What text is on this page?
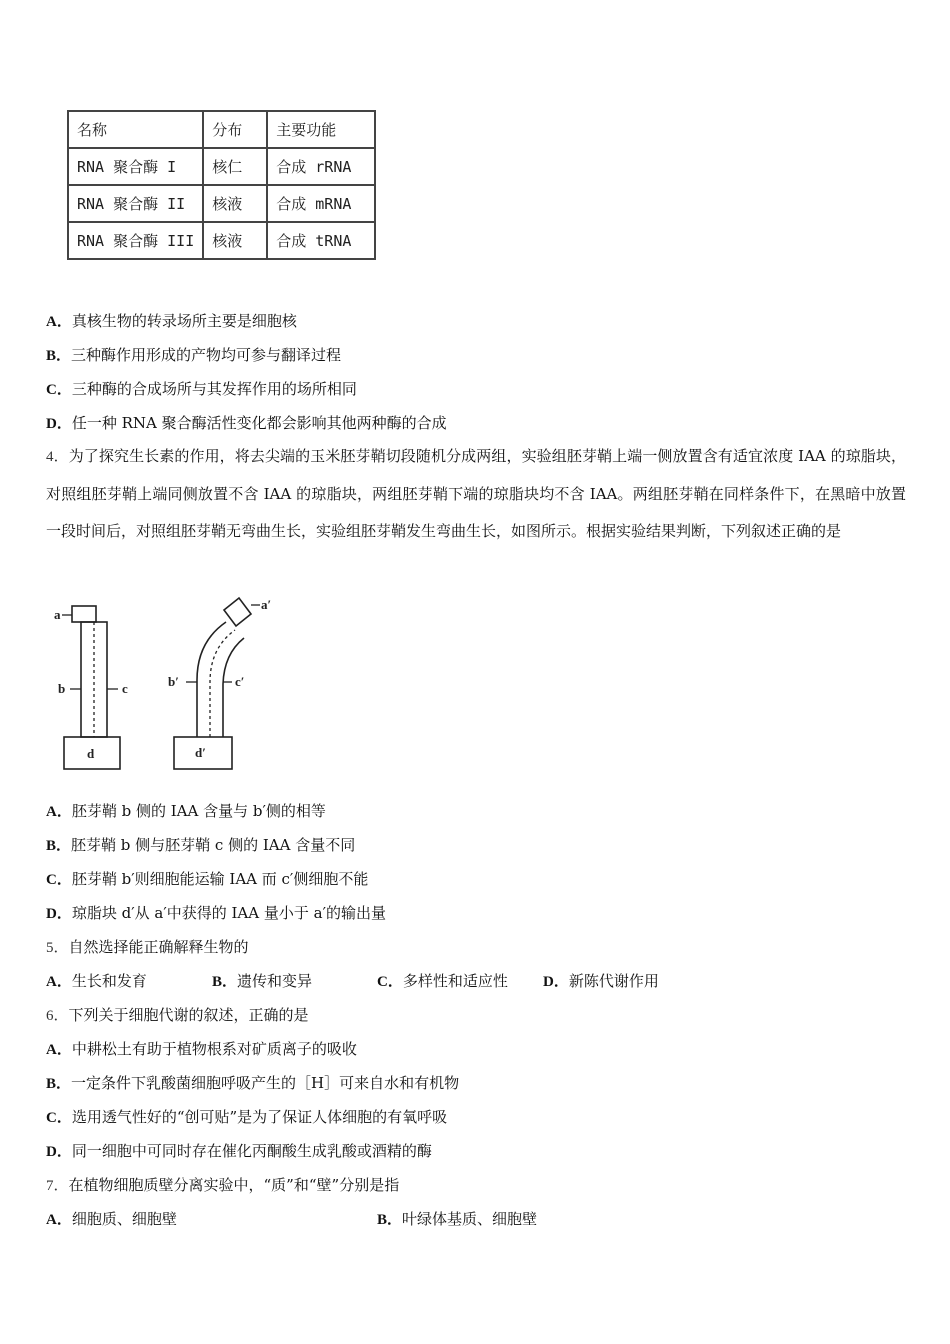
名称	分布	主要功能
RNA 聚合酶 I	核仁	合成 rRNA
RNA 聚合酶 II	核液	合成 mRNA
RNA 聚合酶 III	核液	合成 tRNA
A．真核生物的转录场所主要是细胞核
B．三种酶作用形成的产物均可参与翻译过程
C．三种酶的合成场所与其发挥作用的场所相同
D．任一种 RNA 聚合酶活性变化都会影响其他两种酶的合成
4．为了探究生长素的作用，将去尖端的玉米胚芽鞘切段随机分成两组，实验组胚芽鞘上端一侧放置含有适宜浓度 IAA 的琼脂块，对照组胚芽鞘上端同侧放置不含 IAA 的琼脂块，两组胚芽鞘下端的琼脂块均不含 IAA。两组胚芽鞘在同样条件下，在黑暗中放置一段时间后，对照组胚芽鞘无弯曲生长，实验组胚芽鞘发生弯曲生长，如图所示。根据实验结果判断，下列叙述正确的是
a
b	c
d
a′
b′	c′
d′
A．胚芽鞘 b 侧的 IAA 含量与 b′侧的相等
B．胚芽鞘 b 侧与胚芽鞘 c 侧的 IAA 含量不同
C．胚芽鞘 b′则细胞能运输 IAA 而 c′侧细胞不能
D．琼脂块 d′从 a′中获得的 IAA 量小于 a′的输出量
5．自然选择能正确解释生物的
A．生长和发育	B．遗传和变异	C．多样性和适应性 D．新陈代谢作用
6．下列关于细胞代谢的叙述，正确的是
A．中耕松土有助于植物根系对矿质离子的吸收
B．一定条件下乳酸菌细胞呼吸产生的［H］可来自水和有机物
C．选用透气性好的“创可贴”是为了保证人体细胞的有氧呼吸
D．同一细胞中可同时存在催化丙酮酸生成乳酸或酒精的酶
7．在植物细胞质壁分离实验中，“质”和“壁”分别是指
A．细胞质、细胞壁	B．叶绿体基质、细胞壁
